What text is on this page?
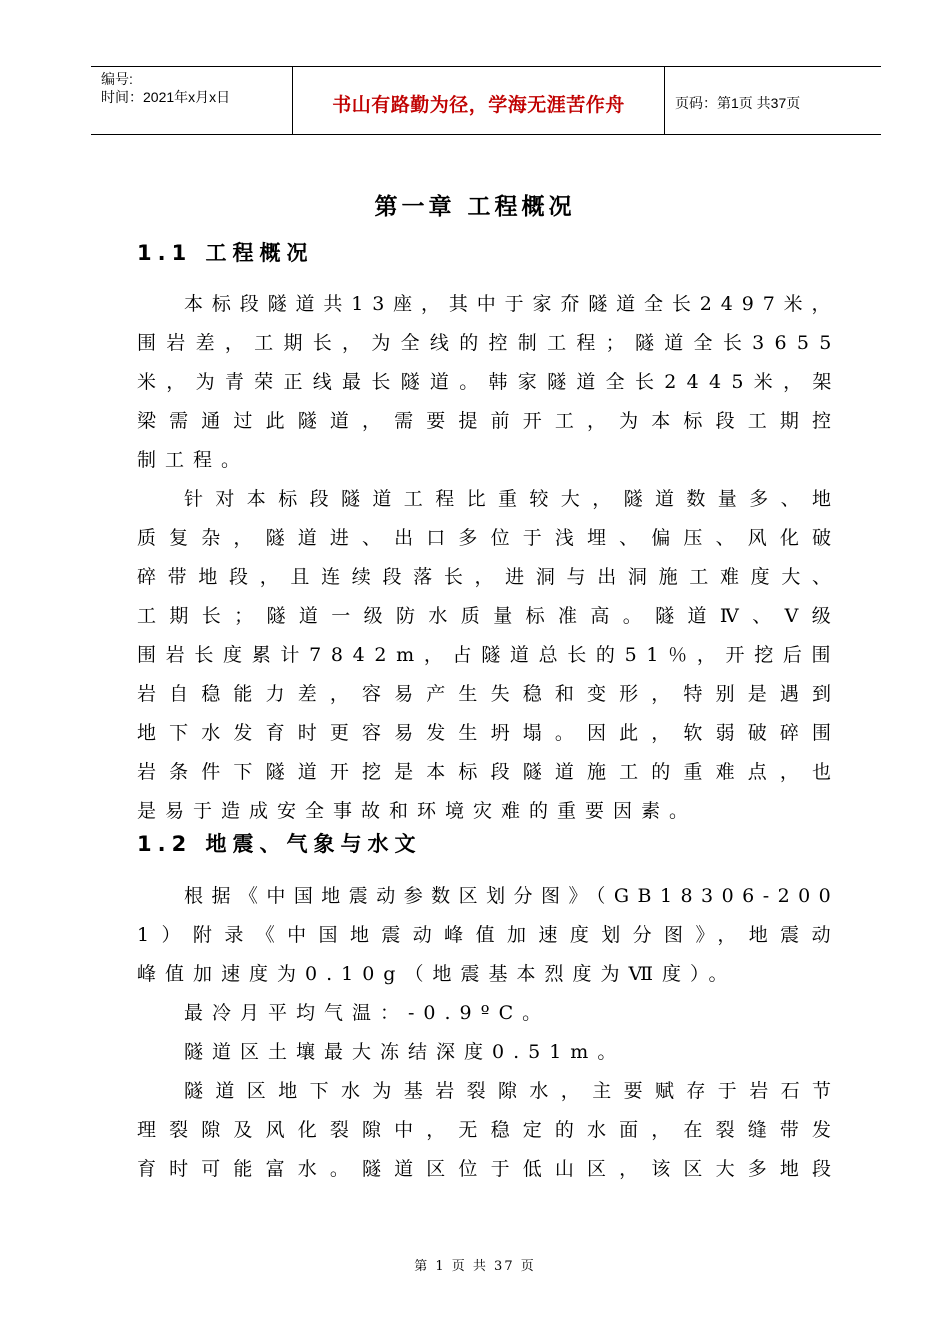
编号:
时间：2021年x月x日	书山有路勤为径，学海无涯苦作舟	页码：第1页 共37页
第一章 工程概况
1.1 工程概况
本标段隧道共13座，其中于家夼隧道全长2497米，
围岩差，工期长，为全线的控制工程；隧道全长3655
米，为青荣正线最长隧道。韩家隧道全长2445米，架
梁需通过此隧道，需要提前开工，为本标段工期控
制工程。
针对本标段隧道工程比重较大，隧道数量多、地
质复杂，隧道进、出口多位于浅埋、偏压、风化破
碎带地段，且连续段落长，进洞与出洞施工难度大、
工期长；隧道一级防水质量标准高。隧道Ⅳ、Ⅴ级
围岩长度累计7842m，占隧道总长的51％，开挖后围
岩自稳能力差，容易产生失稳和变形，特别是遇到
地下水发育时更容易发生坍塌。因此，软弱破碎围
岩条件下隧道开挖是本标段隧道施工的重难点，也
是易于造成安全事故和环境灾难的重要因素。
1.2 地震、气象与水文
根据《中国地震动参数区划分图》（GB18306-200
1）附录《中国地震动峰值加速度划分图》，地震动
峰值加速度为0.10g（地震基本烈度为Ⅶ度）。
最冷月平均气温：-0.9ºC。
隧道区土壤最大冻结深度0.51m。
隧道区地下水为基岩裂隙水，主要赋存于岩石节
理裂隙及风化裂隙中，无稳定的水面，在裂缝带发
育时可能富水。隧道区位于低山区，该区大多地段
第 1 页 共 37 页
